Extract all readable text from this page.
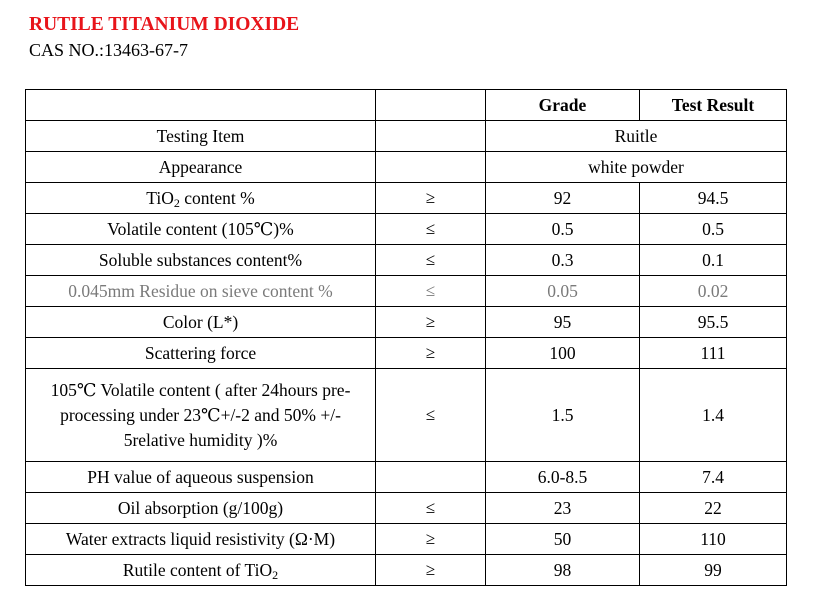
RUTILE TITANIUM DIOXIDE
CAS NO.:13463-67-7
		Grade	Test Result
Testing Item		Ruitle	
Appearance		white powder	
TiO$_2$ content %	≥	92	94.5
Volatile content (105℃)%	≤	0.5	0.5
Soluble substances content%	≤	0.3	0.1
0.045mm Residue on sieve content %	≤	0.05	0.02
Color (L*)	≥	95	95.5
Scattering force	≥	100	111
105℃ Volatile content ( after 24hours pre-processing under 23℃+/-2 and 50% +/- 5relative humidity )%	≤	1.5	1.4
PH value of aqueous suspension		6.0-8.5	7.4
Oil absorption (g/100g)	≤	23	22
Water extracts liquid resistivity (Ω·M)	≥	50	110
Rutile content of TiO$_2$	≥	98	99
